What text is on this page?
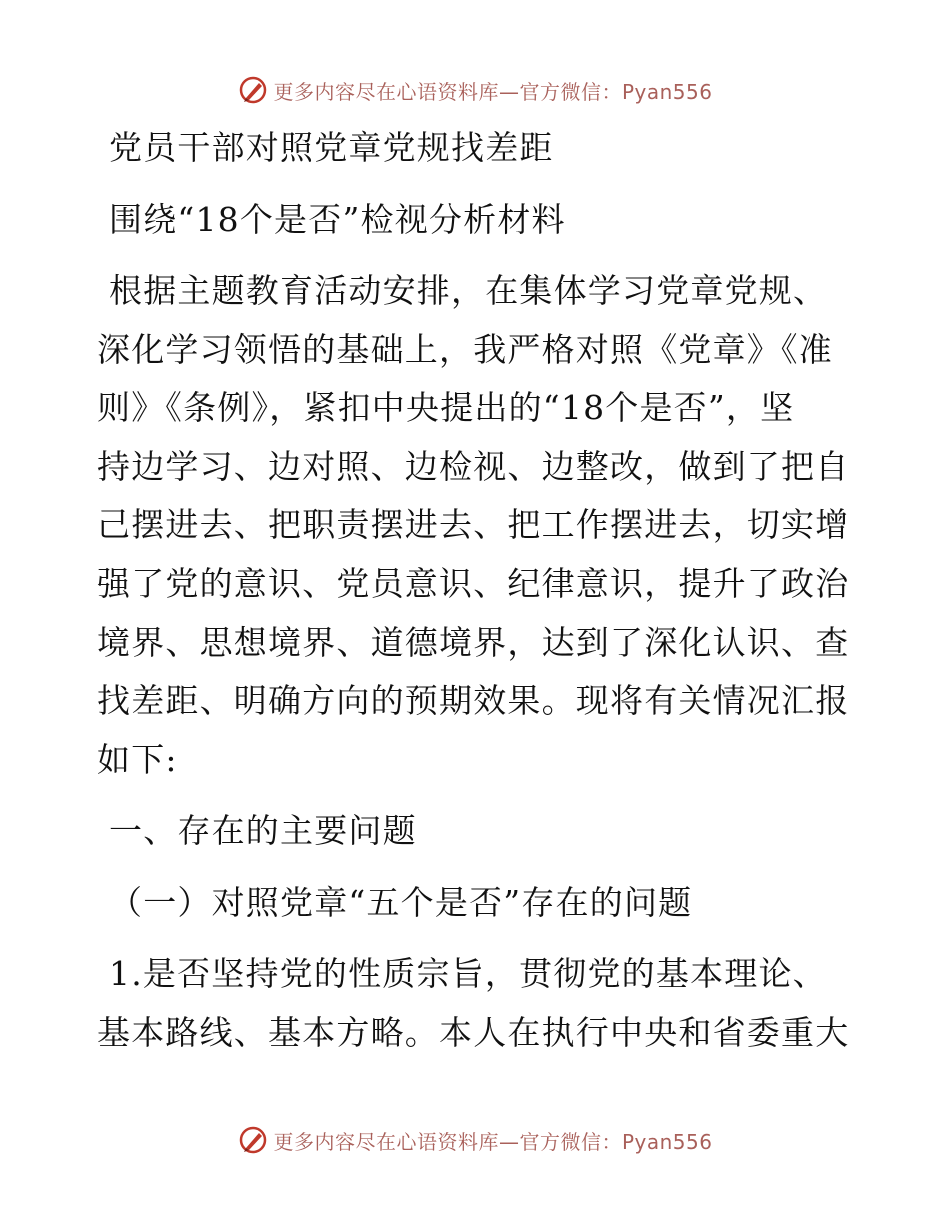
更多内容尽在心语资料库—官方微信：Pyan556

党员干部对照党章党规找差距

围绕“18个是否”检视分析材料

根据主题教育活动安排，在集体学习党章党规、

深化学习领悟的基础上，我严格对照《党章》《准

则》《条例》，紧扣中央提出的“18个是否”，坚

持边学习、边对照、边检视、边整改，做到了把自

己摆进去、把职责摆进去、把工作摆进去，切实增

强了党的意识、党员意识、纪律意识，提升了政治

境界、思想境界、道德境界，达到了深化认识、查

找差距、明确方向的预期效果。现将有关情况汇报

如下:

一、存在的主要问题

（一）对照党章“五个是否”存在的问题

1.是否坚持党的性质宗旨，贯彻党的基本理论、

基本路线、基本方略。本人在执行中央和省委重大

更多内容尽在心语资料库—官方微信：Pyan556
